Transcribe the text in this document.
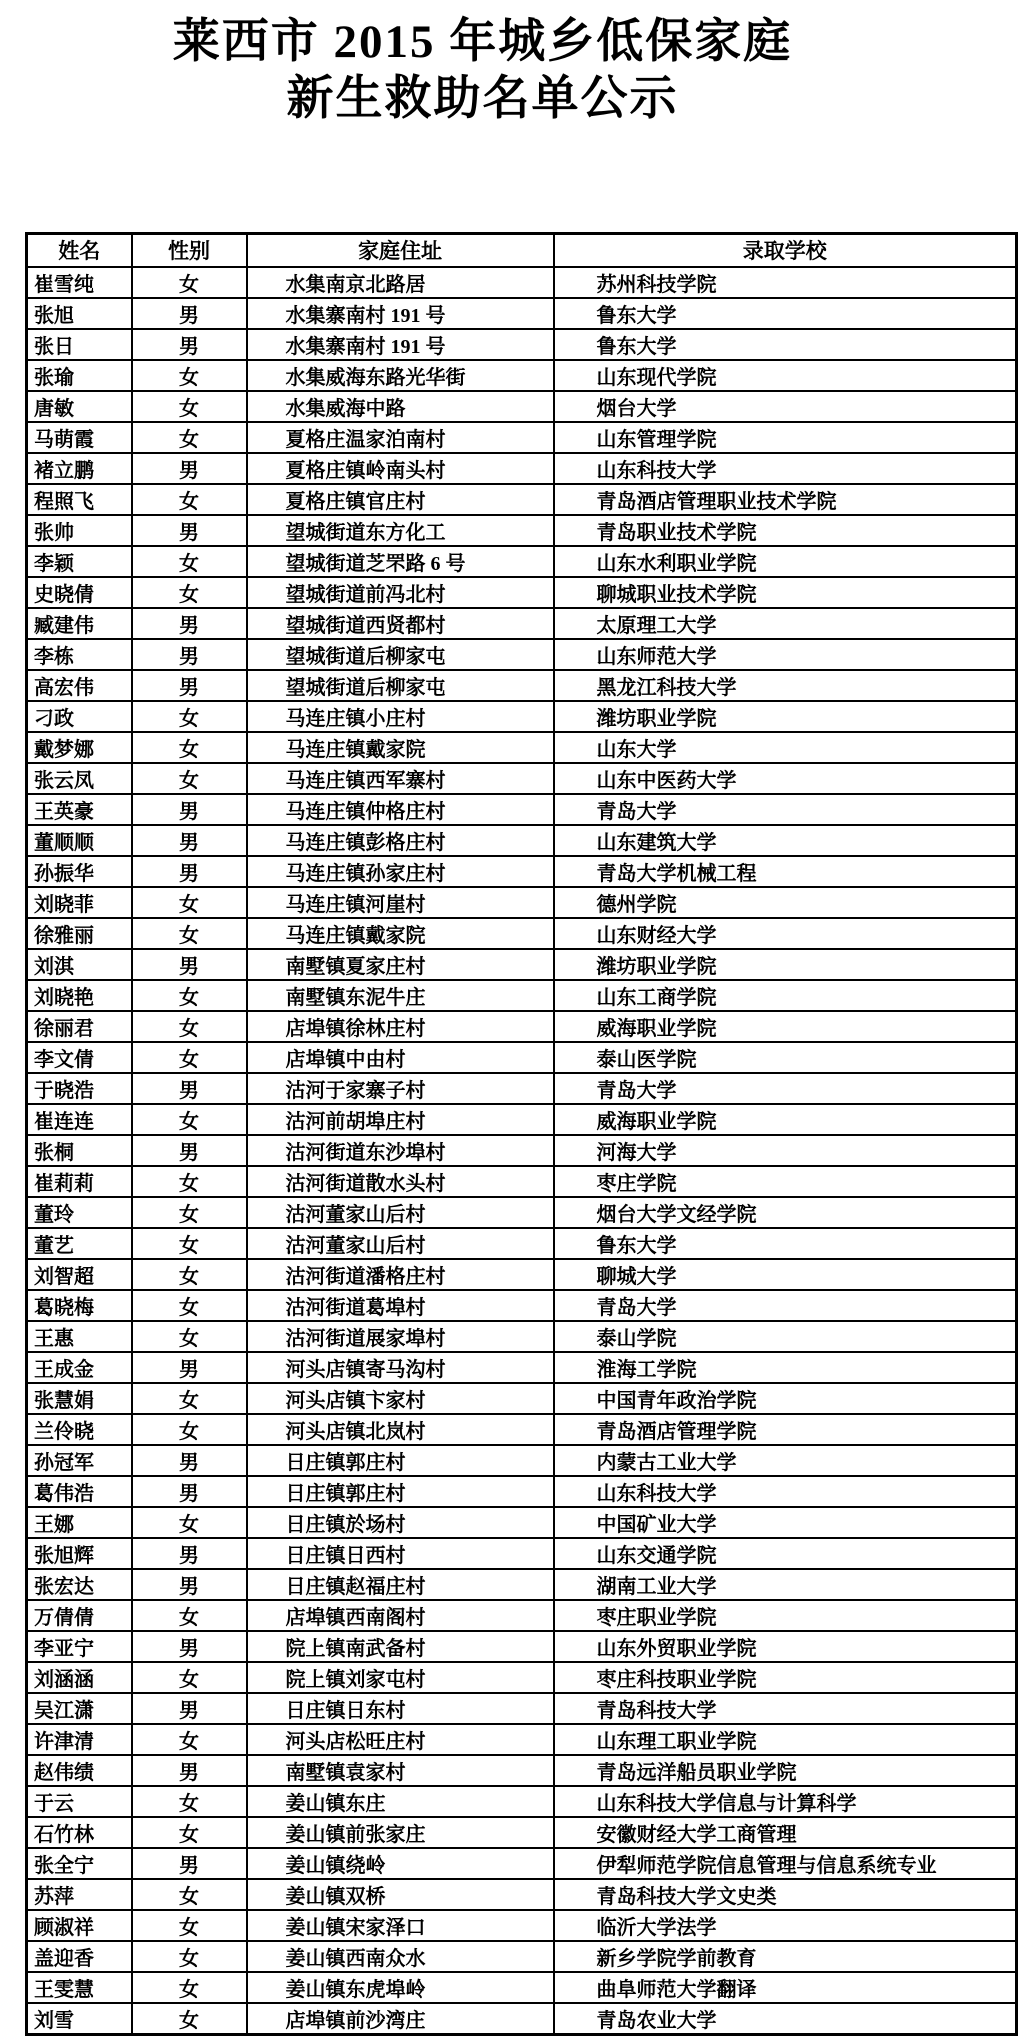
莱西市 2015 年城乡低保家庭
新生救助名单公示
姓名	性别	家庭住址	录取学校
崔雪纯	女	水集南京北路居	苏州科技学院
张旭	男	水集寨南村 191 号	鲁东大学
张日	男	水集寨南村 191 号	鲁东大学
张瑜	女	水集威海东路光华街	山东现代学院
唐敏	女	水集威海中路	烟台大学
马萌霞	女	夏格庄温家泊南村	山东管理学院
褚立鹏	男	夏格庄镇岭南头村	山东科技大学
程照飞	女	夏格庄镇官庄村	青岛酒店管理职业技术学院
张帅	男	望城街道东方化工	青岛职业技术学院
李颖	女	望城街道芝罘路 6 号	山东水利职业学院
史晓倩	女	望城街道前冯北村	聊城职业技术学院
臧建伟	男	望城街道西贤都村	太原理工大学
李栋	男	望城街道后柳家屯	山东师范大学
高宏伟	男	望城街道后柳家屯	黑龙江科技大学
刁政	女	马连庄镇小庄村	潍坊职业学院
戴梦娜	女	马连庄镇戴家院	山东大学
张云凤	女	马连庄镇西军寨村	山东中医药大学
王英豪	男	马连庄镇仲格庄村	青岛大学
董顺顺	男	马连庄镇彭格庄村	山东建筑大学
孙振华	男	马连庄镇孙家庄村	青岛大学机械工程
刘晓菲	女	马连庄镇河崖村	德州学院
徐雅丽	女	马连庄镇戴家院	山东财经大学
刘淇	男	南墅镇夏家庄村	潍坊职业学院
刘晓艳	女	南墅镇东泥牛庄	山东工商学院
徐丽君	女	店埠镇徐林庄村	威海职业学院
李文倩	女	店埠镇中由村	泰山医学院
于晓浩	男	沽河于家寨子村	青岛大学
崔连连	女	沽河前胡埠庄村	威海职业学院
张桐	男	沽河街道东沙埠村	河海大学
崔莉莉	女	沽河街道散水头村	枣庄学院
董玲	女	沽河董家山后村	烟台大学文经学院
董艺	女	沽河董家山后村	鲁东大学
刘智超	女	沽河街道潘格庄村	聊城大学
葛晓梅	女	沽河街道葛埠村	青岛大学
王惠	女	沽河街道展家埠村	泰山学院
王成金	男	河头店镇寄马沟村	淮海工学院
张慧娟	女	河头店镇卞家村	中国青年政治学院
兰伶晓	女	河头店镇北岚村	青岛酒店管理学院
孙冠军	男	日庄镇郭庄村	内蒙古工业大学
葛伟浩	男	日庄镇郭庄村	山东科技大学
王娜	女	日庄镇於场村	中国矿业大学
张旭辉	男	日庄镇日西村	山东交通学院
张宏达	男	日庄镇赵福庄村	湖南工业大学
万倩倩	女	店埠镇西南阁村	枣庄职业学院
李亚宁	男	院上镇南武备村	山东外贸职业学院
刘涵涵	女	院上镇刘家屯村	枣庄科技职业学院
吴江潇	男	日庄镇日东村	青岛科技大学
许津清	女	河头店松旺庄村	山东理工职业学院
赵伟绩	男	南墅镇袁家村	青岛远洋船员职业学院
于云	女	姜山镇东庄	山东科技大学信息与计算科学
石竹林	女	姜山镇前张家庄	安徽财经大学工商管理
张全宁	男	姜山镇绕岭	伊犁师范学院信息管理与信息系统专业
苏萍	女	姜山镇双桥	青岛科技大学文史类
顾淑祥	女	姜山镇宋家泽口	临沂大学法学
盖迎香	女	姜山镇西南众水	新乡学院学前教育
王雯慧	女	姜山镇东虎埠岭	曲阜师范大学翻译
刘雪	女	店埠镇前沙湾庄	青岛农业大学
